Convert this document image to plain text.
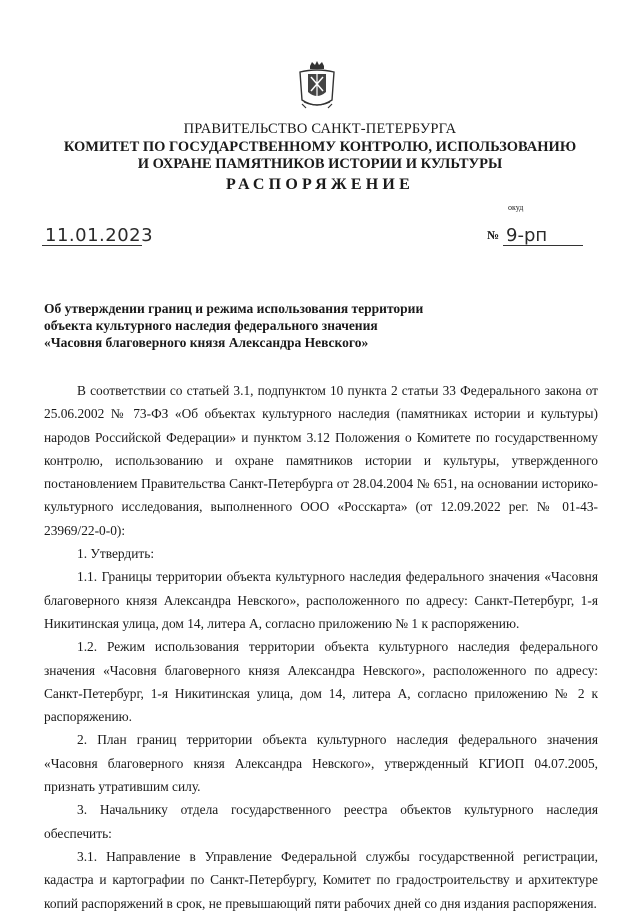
ПРАВИТЕЛЬСТВО САНКТ-ПЕТЕРБУРГА
КОМИТЕТ ПО ГОСУДАРСТВЕННОМУ КОНТРОЛЮ, ИСПОЛЬЗОВАНИЮ
И ОХРАНЕ ПАМЯТНИКОВ ИСТОРИИ И КУЛЬТУРЫ
РАСПОРЯЖЕНИЕ
окуд
11.01.2023	№ 9-рп
Об утверждении границ и режима использования территории
объекта культурного наследия федерального значения
«Часовня благоверного князя Александра Невского»

В соответствии со статьей 3.1, подпунктом 10 пункта 2 статьи 33 Федерального закона от 25.06.2002 № 73-ФЗ «Об объектах культурного наследия (памятниках истории и культуры) народов Российской Федерации» и пунктом 3.12 Положения о Комитете по государственному контролю, использованию и охране памятников истории и культуры, утвержденного постановлением Правительства Санкт-Петербурга от 28.04.2004 № 651, на основании историко-культурного исследования, выполненного ООО «Росскарта» (от 12.09.2022 рег. № 01-43-23969/22-0-0):

1. Утвердить:

1.1. Границы территории объекта культурного наследия федерального значения «Часовня благоверного князя Александра Невского», расположенного по адресу: Санкт-Петербург, 1-я Никитинская улица, дом 14, литера А, согласно приложению № 1 к распоряжению.

1.2. Режим использования территории объекта культурного наследия федерального значения «Часовня благоверного князя Александра Невского», расположенного по адресу: Санкт-Петербург, 1-я Никитинская улица, дом 14, литера А, согласно приложению № 2 к распоряжению.

2. План границ территории объекта культурного наследия федерального значения «Часовня благоверного князя Александра Невского», утвержденный КГИОП 04.07.2005, признать утратившим силу.

3. Начальнику отдела государственного реестра объектов культурного наследия обеспечить:

3.1. Направление в Управление Федеральной службы государственной регистрации, кадастра и картографии по Санкт-Петербургу, Комитет по градостроительству и архитектуре копий распоряжений в срок, не превышающий пяти рабочих дней со дня издания распоряжения.
